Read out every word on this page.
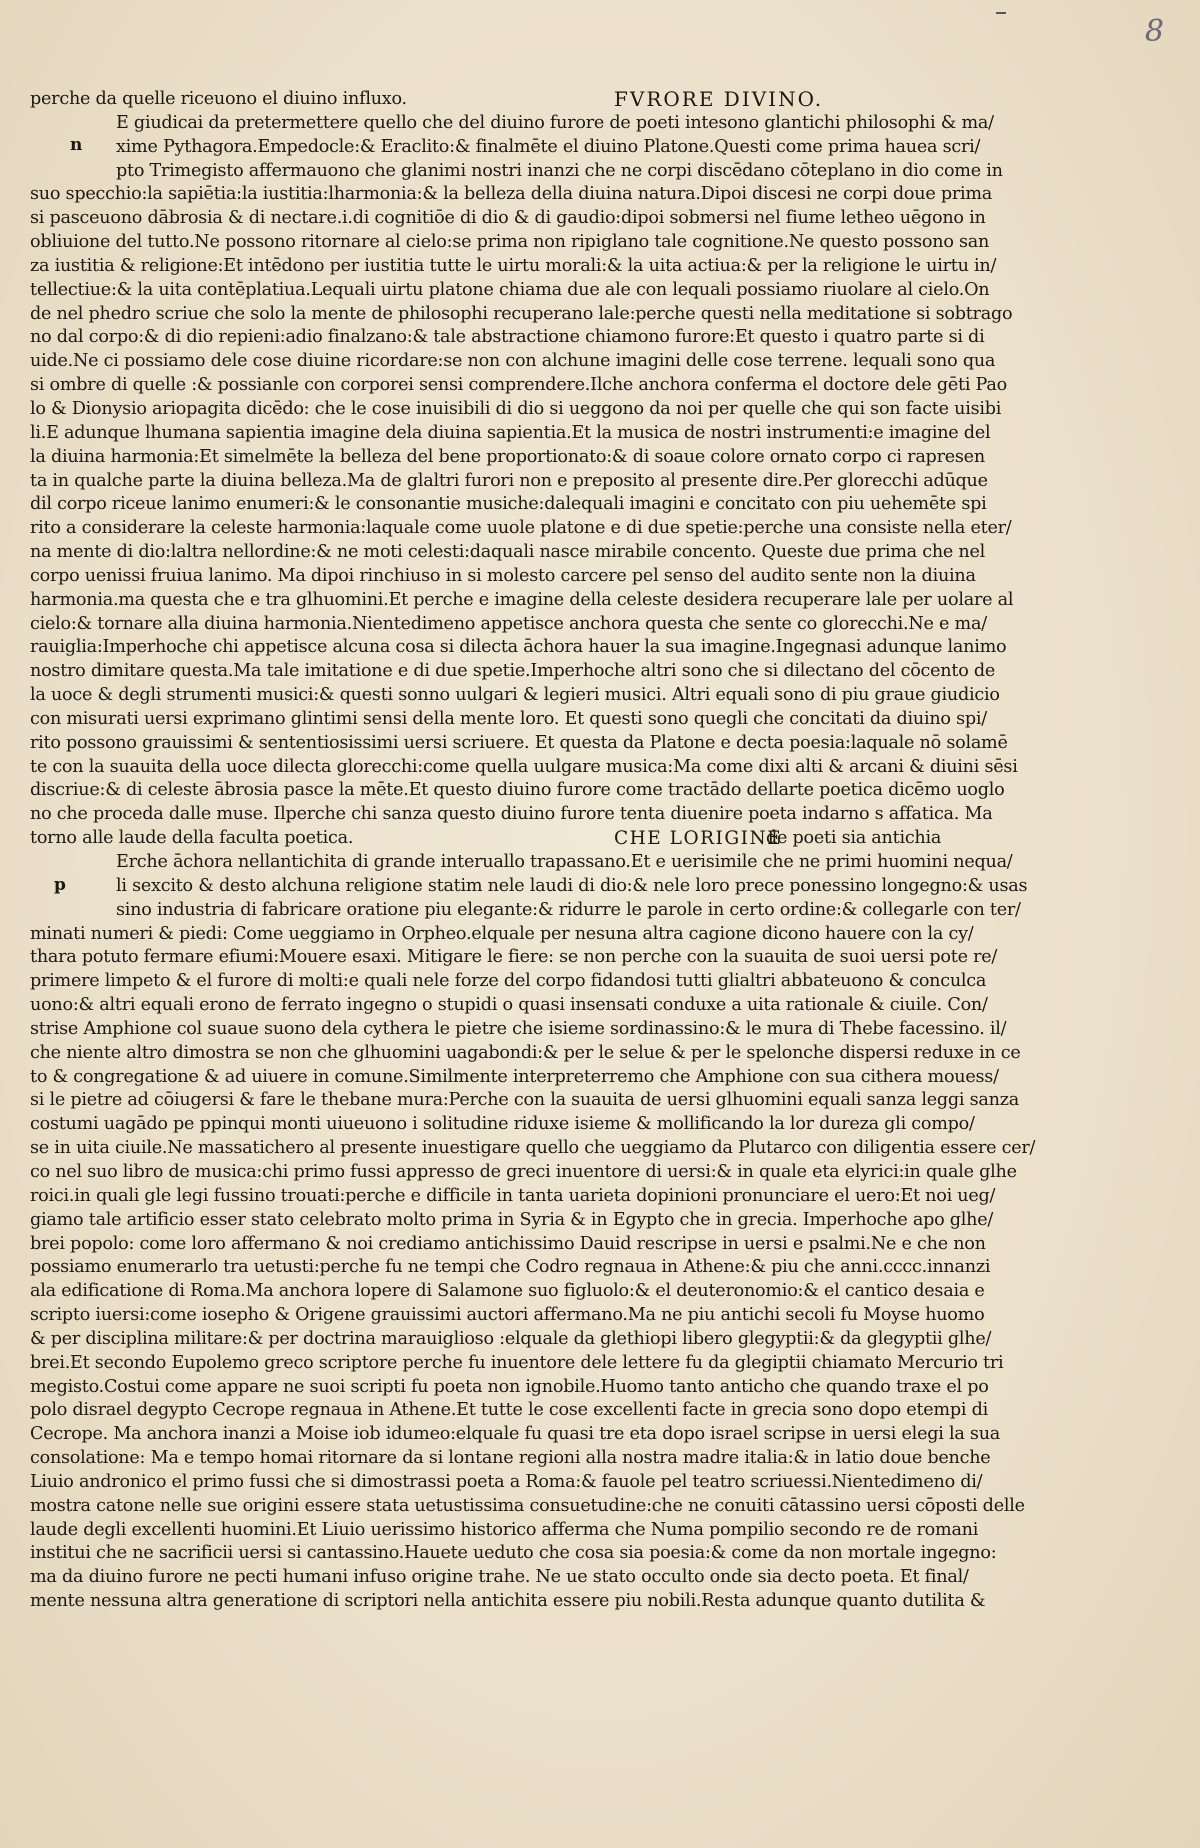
8
perche da quelle riceuono el diuino influxo.	FVRORE DIVINO.
E giudicai da pretermettere quello che del diuino furore de poeti intesono glantichi philosophi & ma/
xime Pythagora.Empedocle:& Eraclito:& finalmēte el diuino Platone.Questi come prima hauea scri/
pto Trimegisto affermauono che glanimi nostri inanzi che ne corpi discēdano cōteplano in dio come in
suo specchio:la sapiētia:la iustitia:lharmonia:& la belleza della diuina natura.Dipoi discesi ne corpi doue prima
si pasceuono dābrosia & di nectare.i.di cognitiōe di dio & di gaudio:dipoi sobmersi nel fiume letheo uēgono in
obliuione del tutto.Ne possono ritornare al cielo:se prima non ripiglano tale cognitione.Ne questo possono san
za iustitia & religione:Et intēdono per iustitia tutte le uirtu morali:& la uita actiua:& per la religione le uirtu in/
tellectiue:& la uita contēplatiua.Lequali uirtu platone chiama due ale con lequali possiamo riuolare al cielo.On
de nel phedro scriue che solo la mente de philosophi recuperano lale:perche questi nella meditatione si sobtrago
no dal corpo:& di dio repieni:adio finalzano:& tale abstractione chiamono furore:Et questo i quatro parte si di
uide.Ne ci possiamo dele cose diuine ricordare:se non con alchune imagini delle cose terrene. lequali sono qua
si ombre di quelle :& possianle con corporei sensi comprendere.Ilche anchora conferma el doctore dele gēti Pao
lo & Dionysio ariopagita dicēdo: che le cose inuisibili di dio si ueggono da noi per quelle che qui son facte uisibi
li.E adunque lhumana sapientia imagine dela diuina sapientia.Et la musica de nostri instrumenti:e imagine del
la diuina harmonia:Et simelmēte la belleza del bene proportionato:& di soaue colore ornato corpo ci rapresen
ta in qualche parte la diuina belleza.Ma de glaltri furori non e preposito al presente dire.Per glorecchi adūque
dil corpo riceue lanimo enumeri:& le consonantie musiche:dalequali imagini e concitato con piu uehemēte spi
rito a considerare la celeste harmonia:laquale come uuole platone e di due spetie:perche una consiste nella eter/
na mente di dio:laltra nellordine:& ne moti celesti:daquali nasce mirabile concento. Queste due prima che nel
corpo uenissi fruiua lanimo. Ma dipoi rinchiuso in si molesto carcere pel senso del audito sente non la diuina
harmonia.ma questa che e tra glhuomini.Et perche e imagine della celeste desidera recuperare lale per uolare al
cielo:& tornare alla diuina harmonia.Nientedimeno appetisce anchora questa che sente co glorecchi.Ne e ma/
rauiglia:Imperhoche chi appetisce alcuna cosa si dilecta āchora hauer la sua imagine.Ingegnasi adunque lanimo
nostro dimitare questa.Ma tale imitatione e di due spetie.Imperhoche altri sono che si dilectano del cōcento de
la uoce & degli strumenti musici:& questi sonno uulgari & legieri musici. Altri equali sono di piu graue giudicio
con misurati uersi exprimano glintimi sensi della mente loro. Et questi sono quegli che concitati da diuino spi/
rito possono grauissimi & sententiosissimi uersi scriuere. Et questa da Platone e decta poesia:laquale nō solamē
te con la suauita della uoce dilecta glorecchi:come quella uulgare musica:Ma come dixi alti & arcani & diuini sēsi
discriue:& di celeste ābrosia pasce la mēte.Et questo diuino furore come tractādo dellarte poetica dicēmo uoglo
no che proceda dalle muse. Ilperche chi sanza questo diuino furore tenta diuenire poeta indarno s affatica. Ma
torno alle laude della faculta poetica.	CHE LORIGINE
de poeti sia antichia
n
Erche āchora nellantichita di grande interuallo trapassano.Et e uerisimile che ne primi huomini nequa/
li sexcito & desto alchuna religione statim nele laudi di dio:& nele loro prece ponessino longegno:& usas
sino industria di fabricare oratione piu elegante:& ridurre le parole in certo ordine:& collegarle con ter/
minati numeri & piedi: Come ueggiamo in Orpheo.elquale per nesuna altra cagione dicono hauere con la cy/
thara potuto fermare efiumi:Mouere esaxi. Mitigare le fiere: se non perche con la suauita de suoi uersi pote re/
primere limpeto & el furore di molti:e quali nele forze del corpo fidandosi tutti glialtri abbateuono & conculca
uono:& altri equali erono de ferrato ingegno o stupidi o quasi insensati conduxe a uita rationale & ciuile. Con/
strise Amphione col suaue suono dela cythera le pietre che isieme sordinassino:& le mura di Thebe facessino. il/
che niente altro dimostra se non che glhuomini uagabondi:& per le selue & per le spelonche dispersi reduxe in ce
to & congregatione & ad uiuere in comune.Similmente interpreterremo che Amphione con sua cithera mouess/
si le pietre ad cōiugersi & fare le thebane mura:Perche con la suauita de uersi glhuomini equali sanza leggi sanza
costumi uagādo pe ppinqui monti uiueuono i solitudine riduxe isieme & mollificando la lor dureza gli compo/
se in uita ciuile.Ne massatichero al presente inuestigare quello che ueggiamo da Plutarco con diligentia essere cer/
co nel suo libro de musica:chi primo fussi appresso de greci inuentore di uersi:& in quale eta elyrici:in quale glhe
roici.in quali gle legi fussino trouati:perche e difficile in tanta uarieta dopinioni pronunciare el uero:Et noi ueg/
giamo tale artificio esser stato celebrato molto prima in Syria & in Egypto che in grecia. Imperhoche apo glhe/
brei popolo: come loro affermano & noi crediamo antichissimo Dauid rescripse in uersi e psalmi.Ne e che non
possiamo enumerarlo tra uetusti:perche fu ne tempi che Codro regnaua in Athene:& piu che anni.cccc.innanzi
ala edificatione di Roma.Ma anchora lopere di Salamone suo figluolo:& el deuteronomio:& el cantico desaia e
scripto iuersi:come iosepho & Origene grauissimi auctori affermano.Ma ne piu antichi secoli fu Moyse huomo
& per disciplina militare:& per doctrina marauiglioso :elquale da glethiopi libero glegyptii:& da glegyptii glhe/
brei.Et secondo Eupolemo greco scriptore perche fu inuentore dele lettere fu da glegiptii chiamato Mercurio tri
megisto.Costui come appare ne suoi scripti fu poeta non ignobile.Huomo tanto anticho che quando traxe el po
polo disrael degypto Cecrope regnaua in Athene.Et tutte le cose excellenti facte in grecia sono dopo etempi di
Cecrope. Ma anchora inanzi a Moise iob idumeo:elquale fu quasi tre eta dopo israel scripse in uersi elegi la sua
consolatione: Ma e tempo homai ritornare da si lontane regioni alla nostra madre italia:& in latio doue benche
Liuio andronico el primo fussi che si dimostrassi poeta a Roma:& fauole pel teatro scriuessi.Nientedimeno di/
mostra catone nelle sue origini essere stata uetustissima consuetudine:che ne conuiti cātassino uersi cōposti delle
laude degli excellenti huomini.Et Liuio uerissimo historico afferma che Numa pompilio secondo re de romani
institui che ne sacrificii uersi si cantassino.Hauete ueduto che cosa sia poesia:& come da non mortale ingegno:
ma da diuino furore ne pecti humani infuso origine trahe. Ne ue stato occulto onde sia decto poeta. Et final/
mente nessuna altra generatione di scriptori nella antichita essere piu nobili.Resta adunque quanto dutilita &
p
